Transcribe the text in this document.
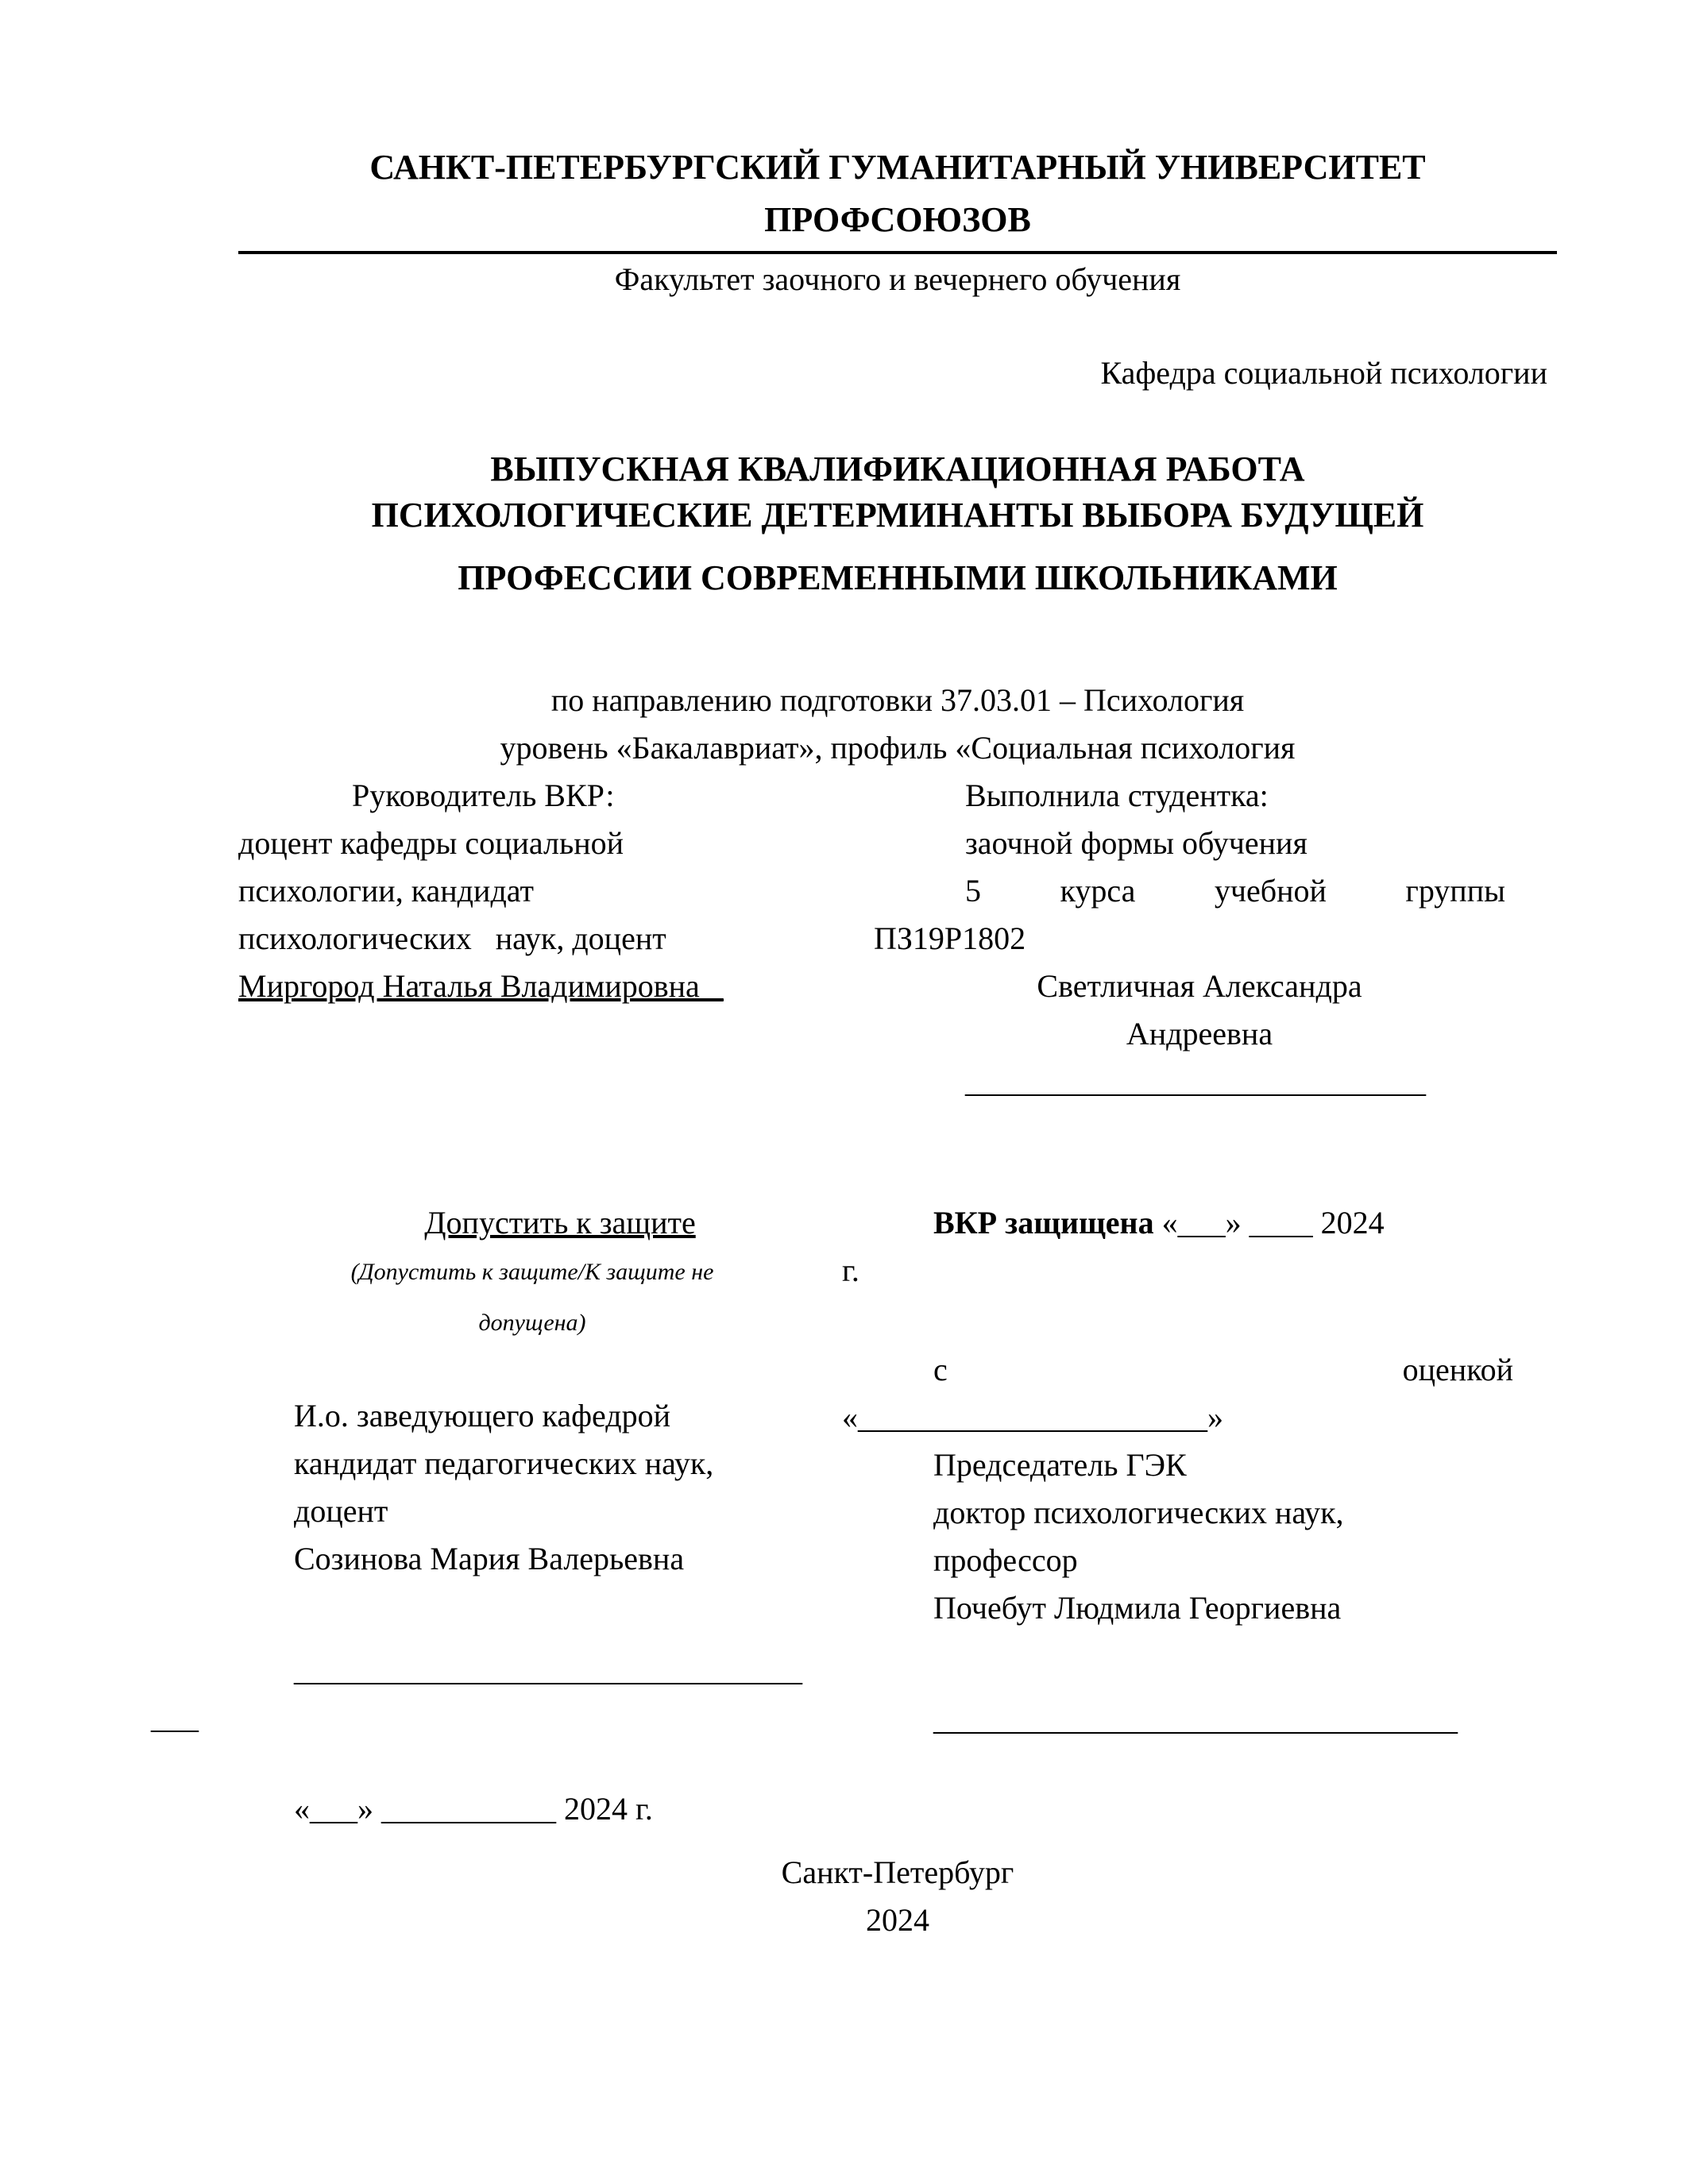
САНКТ-ПЕТЕРБУРГСКИЙ ГУМАНИТАРНЫЙ УНИВЕРСИТЕТ
ПРОФСОЮЗОВ
Факультет заочного и вечернего обучения
Кафедра социальной психологии
ВЫПУСКНАЯ КВАЛИФИКАЦИОННАЯ РАБОТА
ПСИХОЛОГИЧЕСКИЕ ДЕТЕРМИНАНТЫ ВЫБОРА БУДУЩЕЙ
ПРОФЕССИИ СОВРЕМЕННЫМИ ШКОЛЬНИКАМИ
по направлению подготовки 37.03.01 – Психология
уровень «Бакалавриат», профиль «Социальная психология
Руководитель ВКР:
доцент кафедры социальной
психологии, кандидат
психологических   наук, доцент
Миргород Наталья Владимировна _
Выполнила студентка:
заочной формы обучения
5 курса учебной группы
ПЗ19Р1802
Светличная Александра
Андреевна
_____________________________
Допустить к защите
(Допустить к защите/К защите не
допущена)
И.о. заведующего кафедрой
кандидат педагогических наук,
доцент
Созинова Мария Валерьевна
________________________________
___
«___» ___________ 2024 г.
ВКР защищена «___» ____ 2024
г.
с	оценкой
«______________________»
Председатель ГЭК
доктор психологических наук,
профессор
Почебут Людмила Георгиевна
_________________________________
Санкт-Петербург
2024
